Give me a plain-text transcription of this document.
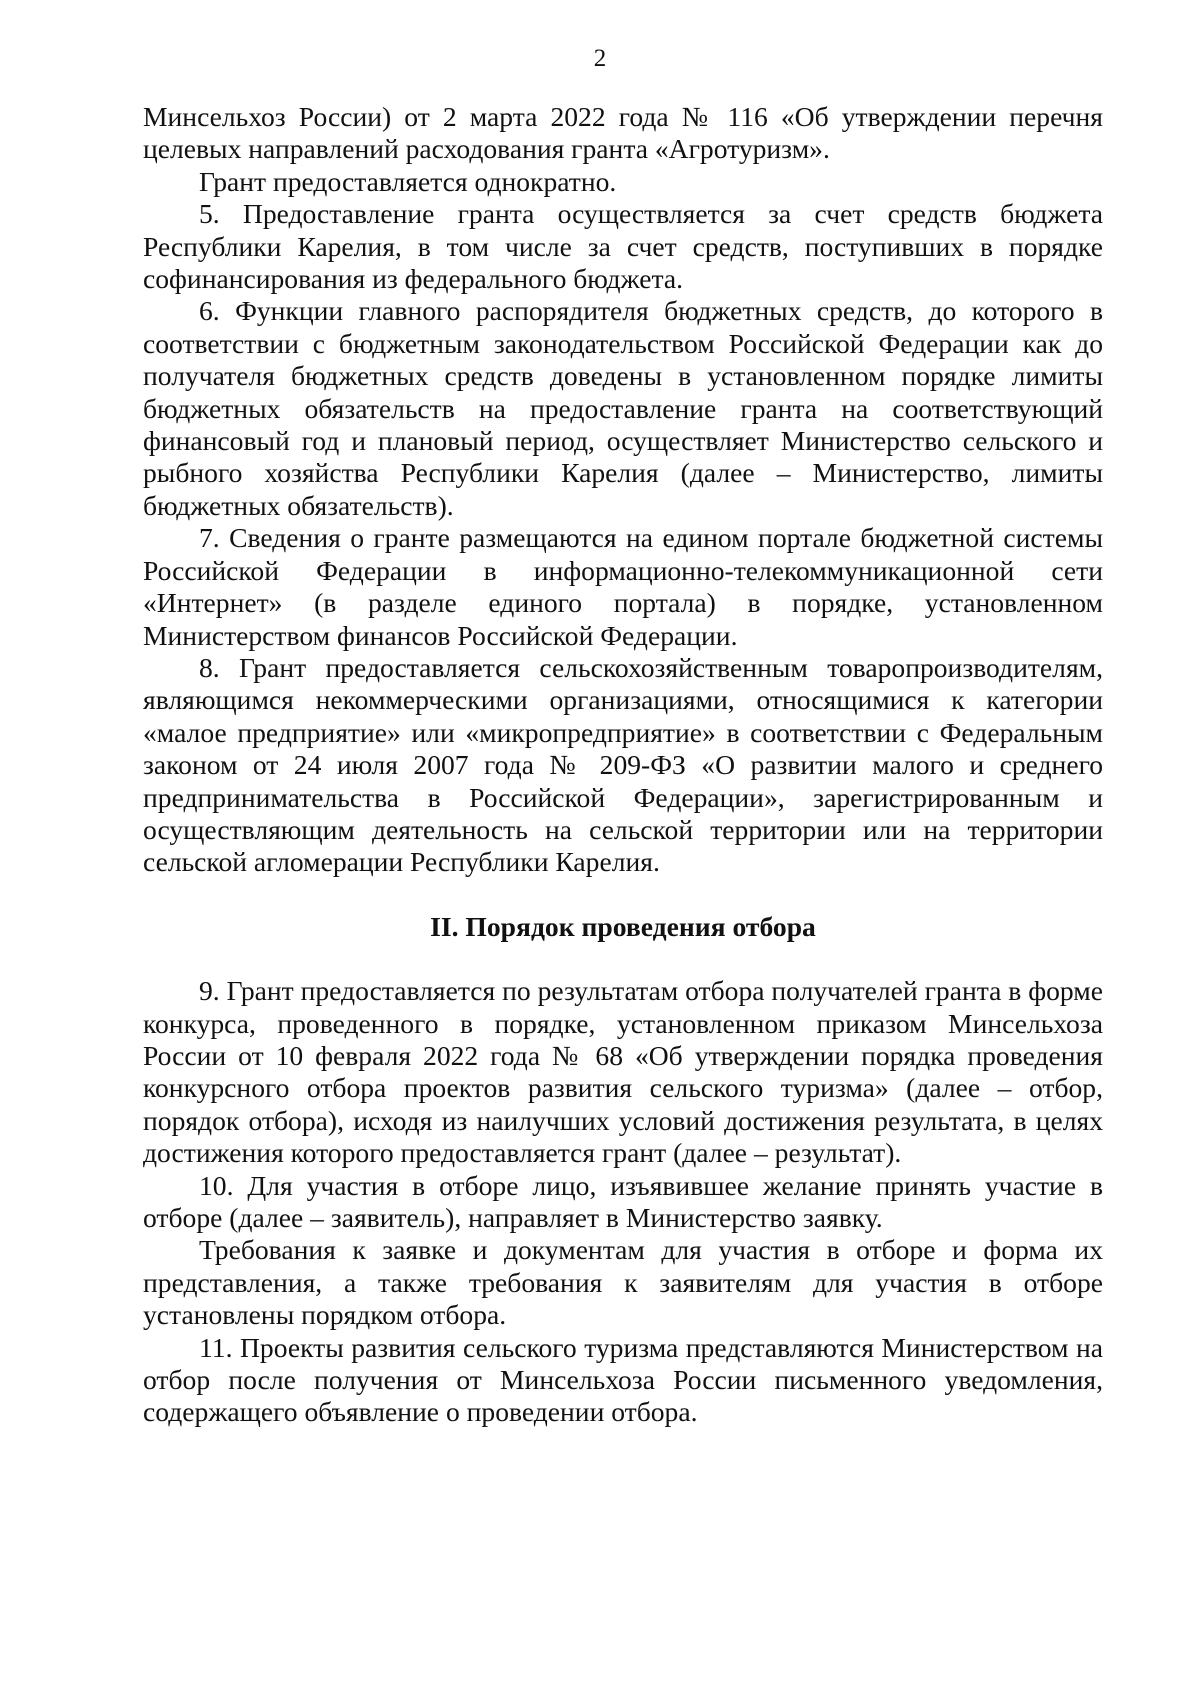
2

Минсельхоз России) от 2 марта 2022 года № 116 «Об утверждении перечня целевых направлений расходования гранта «Агротуризм».

Грант предоставляется однократно.

5. Предоставление гранта осуществляется за счет средств бюджета Республики Карелия, в том числе за счет средств, поступивших в порядке софинансирования из федерального бюджета.

6. Функции главного распорядителя бюджетных средств, до которого в соответствии с бюджетным законодательством Российской Федерации как до получателя бюджетных средств доведены в установленном порядке лимиты бюджетных обязательств на предоставление гранта на соответствующий финансовый год и плановый период, осуществляет Министерство сельского и рыбного хозяйства Республики Карелия (далее – Министерство, лимиты бюджетных обязательств).

7. Сведения о гранте размещаются на едином портале бюджетной системы Российской Федерации в информационно-телекоммуникационной сети «Интернет» (в разделе единого портала) в порядке, установленном Министерством финансов Российской Федерации.

8. Грант предоставляется сельскохозяйственным товаропроизводителям, являющимся некоммерческими организациями, относящимися к категории «малое предприятие» или «микропредприятие» в соответствии с Федеральным законом от 24 июля 2007 года № 209-ФЗ «О развитии малого и среднего предпринимательства в Российской Федерации», зарегистрированным и осуществляющим деятельность на сельской территории или на территории сельской агломерации Республики Карелия.

II. Порядок проведения отбора

9. Грант предоставляется по результатам отбора получателей гранта в форме конкурса, проведенного в порядке, установленном приказом Минсельхоза России от 10 февраля 2022 года № 68 «Об утверждении порядка проведения конкурсного отбора проектов развития сельского туризма» (далее – отбор, порядок отбора), исходя из наилучших условий достижения результата, в целях достижения которого предоставляется грант (далее – результат).

10. Для участия в отборе лицо, изъявившее желание принять участие в отборе (далее – заявитель), направляет в Министерство заявку.

Требования к заявке и документам для участия в отборе и форма их представления, а также требования к заявителям для участия в отборе установлены порядком отбора.

11. Проекты развития сельского туризма представляются Министерством на отбор после получения от Минсельхоза России письменного уведомления, содержащего объявление о проведении отбора.
